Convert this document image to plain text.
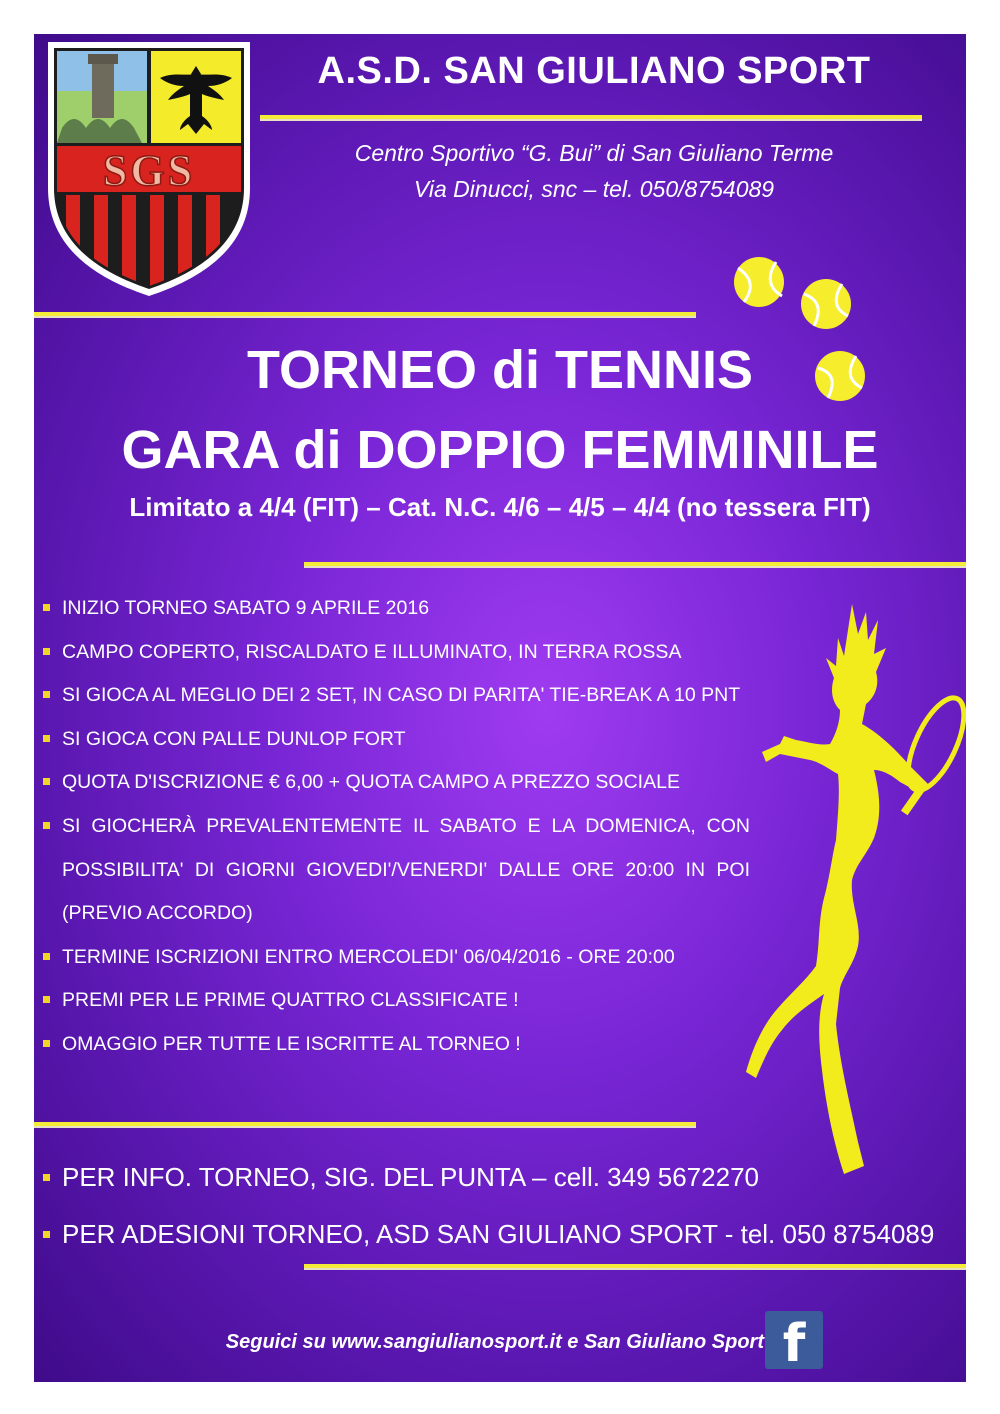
SGS
A.S.D. SAN GIULIANO SPORT
Centro Sportivo “G. Bui” di San Giuliano Terme
Via Dinucci, snc – tel. 050/8754089
TORNEO di TENNIS
GARA di DOPPIO FEMMINILE
Limitato a 4/4 (FIT) – Cat. N.C. 4/6 – 4/5 – 4/4 (no tessera FIT)
INIZIO TORNEO SABATO 9 APRILE 2016
CAMPO COPERTO, RISCALDATO E ILLUMINATO, IN TERRA ROSSA
SI GIOCA AL MEGLIO DEI 2 SET, IN CASO DI PARITA' TIE-BREAK A 10 PNT
SI GIOCA CON PALLE DUNLOP FORT
QUOTA D'ISCRIZIONE € 6,00 + QUOTA CAMPO A PREZZO SOCIALE
SI GIOCHERÀ PREVALENTEMENTE IL SABATO E LA DOMENICA, CON POSSIBILITA' DI GIORNI GIOVEDI'/VENERDI' DALLE ORE 20:00 IN POI (PREVIO ACCORDO)
TERMINE ISCRIZIONI ENTRO MERCOLEDI' 06/04/2016 - ORE 20:00
PREMI PER LE PRIME QUATTRO CLASSIFICATE !
OMAGGIO PER TUTTE LE ISCRITTE AL TORNEO !
PER INFO. TORNEO, SIG. DEL PUNTA – cell. 349 5672270
PER ADESIONI TORNEO, ASD SAN GIULIANO SPORT - tel. 050 8754089
Seguici su www.sangiulianosport.it e San Giuliano Sport f
